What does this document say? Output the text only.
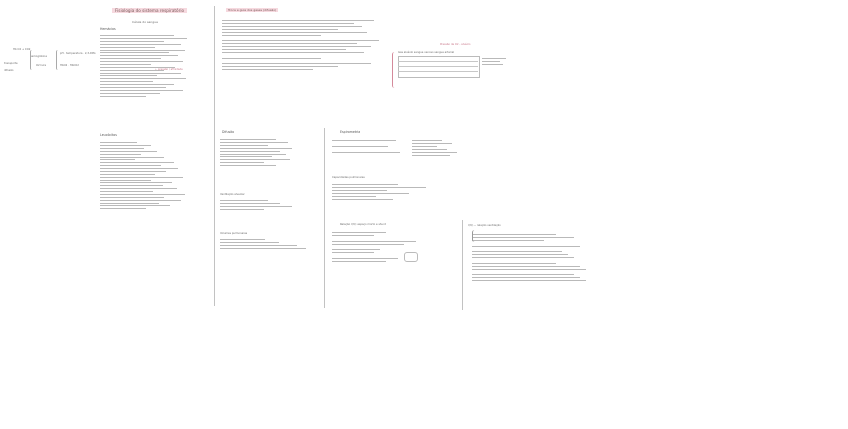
Hb O2 + CO2
hemoglobina
transporte
difusão
O2 livre	HbO2 · HbCO2
pH · temperatura · 2,3-DPG
Fisiologia do sistema respiratório
Célula do sangue
Hemácias
← pressão / afinidade
Leucócitos
Troca e guia dos gases (difusão)
Pressão de O2 - alvéolo
Gas alvéolo sangue venoso sangue arterial
Difusão
Ventilação alveolar
Volumes pulmonares
Espirometria
Capacidades pulmonares
Relação V/Q: espaço morto e shunt	V/Q — relação ventilação
